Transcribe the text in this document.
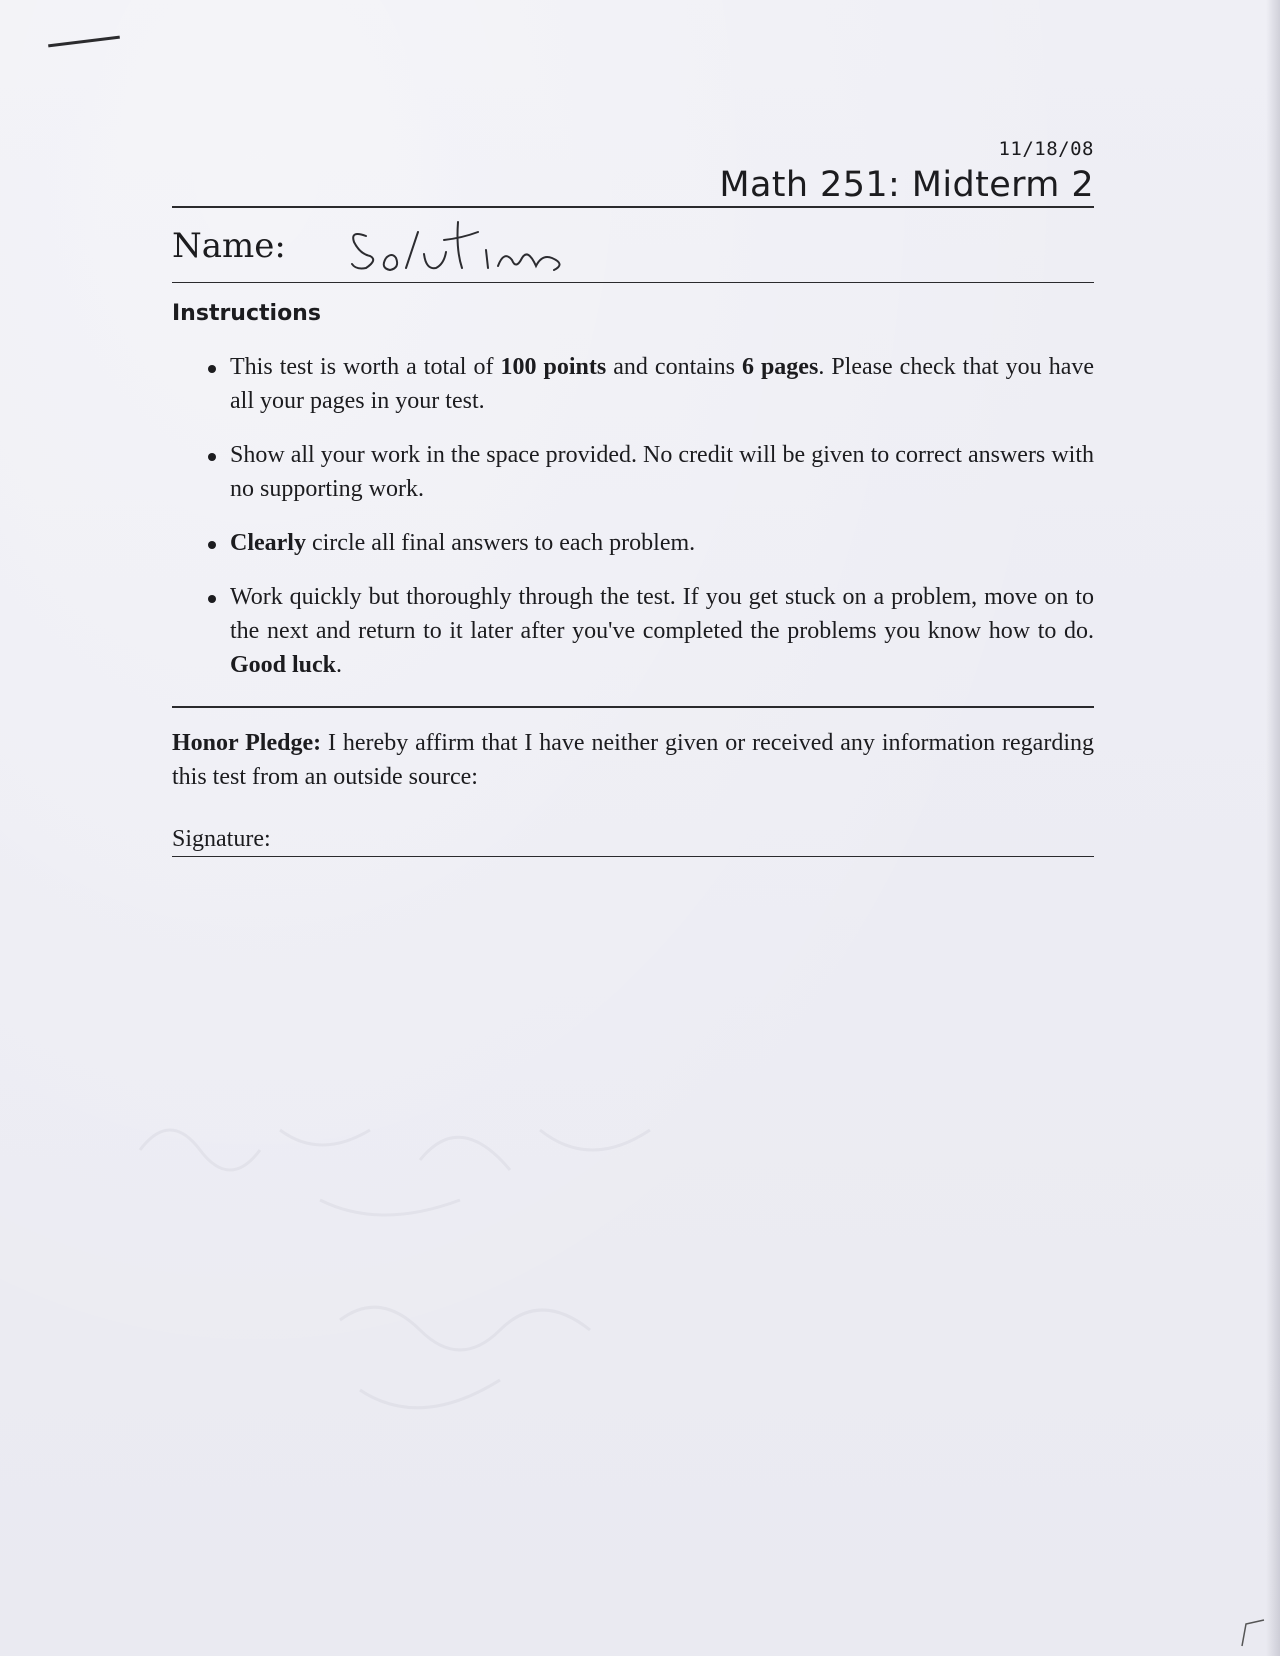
11/18/08
Math 251: Midterm 2
Name:
Instructions
This test is worth a total of 100 points and contains 6 pages. Please check that you have all your pages in your test.
Show all your work in the space provided. No credit will be given to correct answers with no supporting work.
Clearly circle all final answers to each problem.
Work quickly but thoroughly through the test. If you get stuck on a problem, move on to the next and return to it later after you've completed the problems you know how to do. Good luck.
Honor Pledge: I hereby affirm that I have neither given or received any information regarding this test from an outside source:
Signature:
